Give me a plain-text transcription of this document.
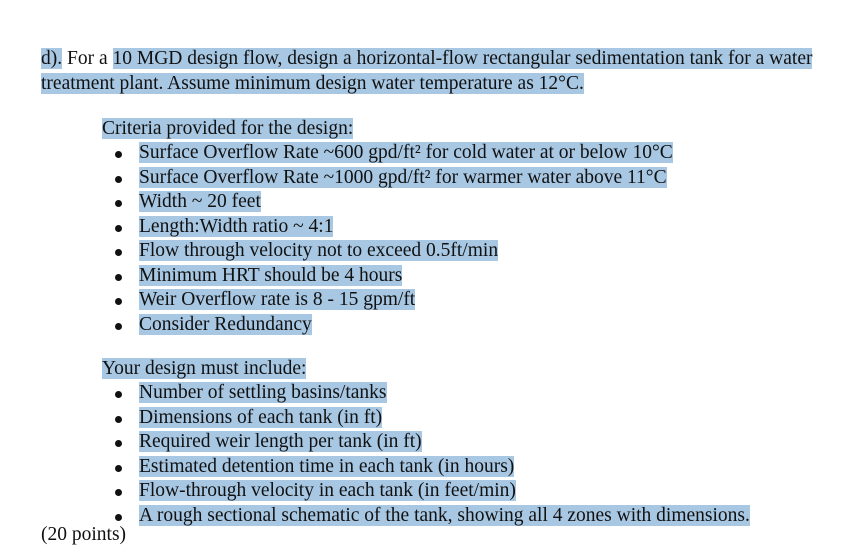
d). For a 10 MGD design flow, design a horizontal-flow rectangular sedimentation tank for a water treatment plant. Assume minimum design water temperature as 12°C.
Criteria provided for the design:
Surface Overflow Rate ~600 gpd/ft² for cold water at or below 10°C
Surface Overflow Rate ~1000 gpd/ft² for warmer water above 11°C
Width ~ 20 feet
Length:Width ratio ~ 4:1
Flow through velocity not to exceed 0.5ft/min
Minimum HRT should be 4 hours
Weir Overflow rate is 8 - 15 gpm/ft
Consider Redundancy
Your design must include:
Number of settling basins/tanks
Dimensions of each tank (in ft)
Required weir length per tank (in ft)
Estimated detention time in each tank (in hours)
Flow-through velocity in each tank (in feet/min)
A rough sectional schematic of the tank, showing all 4 zones with dimensions.
(20 points)
